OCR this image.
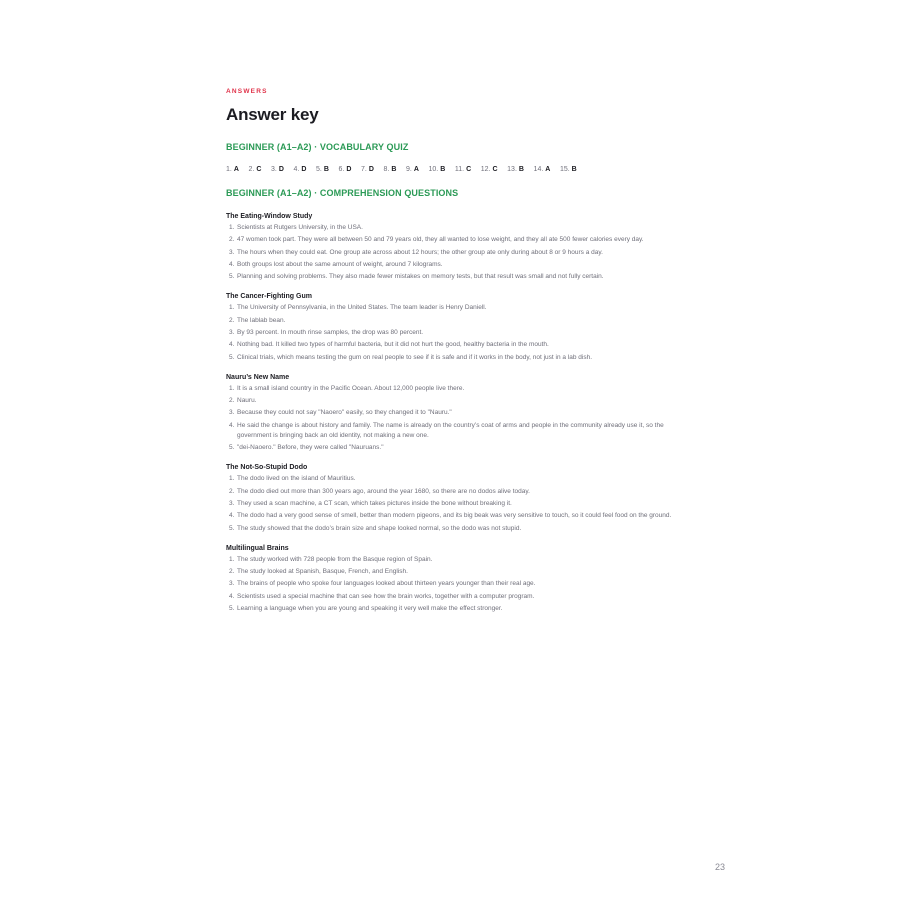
ANSWERS

Answer key
BEGINNER (A1–A2) · VOCABULARY QUIZ
1. A 2. C 3. D 4. D 5. B 6. D 7. D 8. B 9. A 10. B 11. C 12. C 13. B 14. A 15. B
BEGINNER (A1–A2) · COMPREHENSION QUESTIONS
The Eating-Window Study
1. Scientists at Rutgers University, in the USA.
2. 47 women took part. They were all between 50 and 79 years old, they all wanted to lose weight, and they all ate 500 fewer calories every day.
3. The hours when they could eat. One group ate across about 12 hours; the other group ate only during about 8 or 9 hours a day.
4. Both groups lost about the same amount of weight, around 7 kilograms.
5. Planning and solving problems. They also made fewer mistakes on memory tests, but that result was small and not fully certain.
The Cancer-Fighting Gum
1. The University of Pennsylvania, in the United States. The team leader is Henry Daniell.
2. The lablab bean.
3. By 93 percent. In mouth rinse samples, the drop was 80 percent.
4. Nothing bad. It killed two types of harmful bacteria, but it did not hurt the good, healthy bacteria in the mouth.
5. Clinical trials, which means testing the gum on real people to see if it is safe and if it works in the body, not just in a lab dish.
Nauru’s New Name
1. It is a small island country in the Pacific Ocean. About 12,000 people live there.
2. Nauru.
3. Because they could not say "Naoero" easily, so they changed it to "Nauru."
4. He said the change is about history and family. The name is already on the country’s coat of arms and people in the community already use it, so the government is bringing back an old identity, not making a new one.
5. "dei-Naoero." Before, they were called "Nauruans."
The Not-So-Stupid Dodo
1. The dodo lived on the island of Mauritius.
2. The dodo died out more than 300 years ago, around the year 1680, so there are no dodos alive today.
3. They used a scan machine, a CT scan, which takes pictures inside the bone without breaking it.
4. The dodo had a very good sense of smell, better than modern pigeons, and its big beak was very sensitive to touch, so it could feel food on the ground.
5. The study showed that the dodo’s brain size and shape looked normal, so the dodo was not stupid.
Multilingual Brains
1. The study worked with 728 people from the Basque region of Spain.
2. The study looked at Spanish, Basque, French, and English.
3. The brains of people who spoke four languages looked about thirteen years younger than their real age.
4. Scientists used a special machine that can see how the brain works, together with a computer program.
5. Learning a language when you are young and speaking it very well make the effect stronger.
23
